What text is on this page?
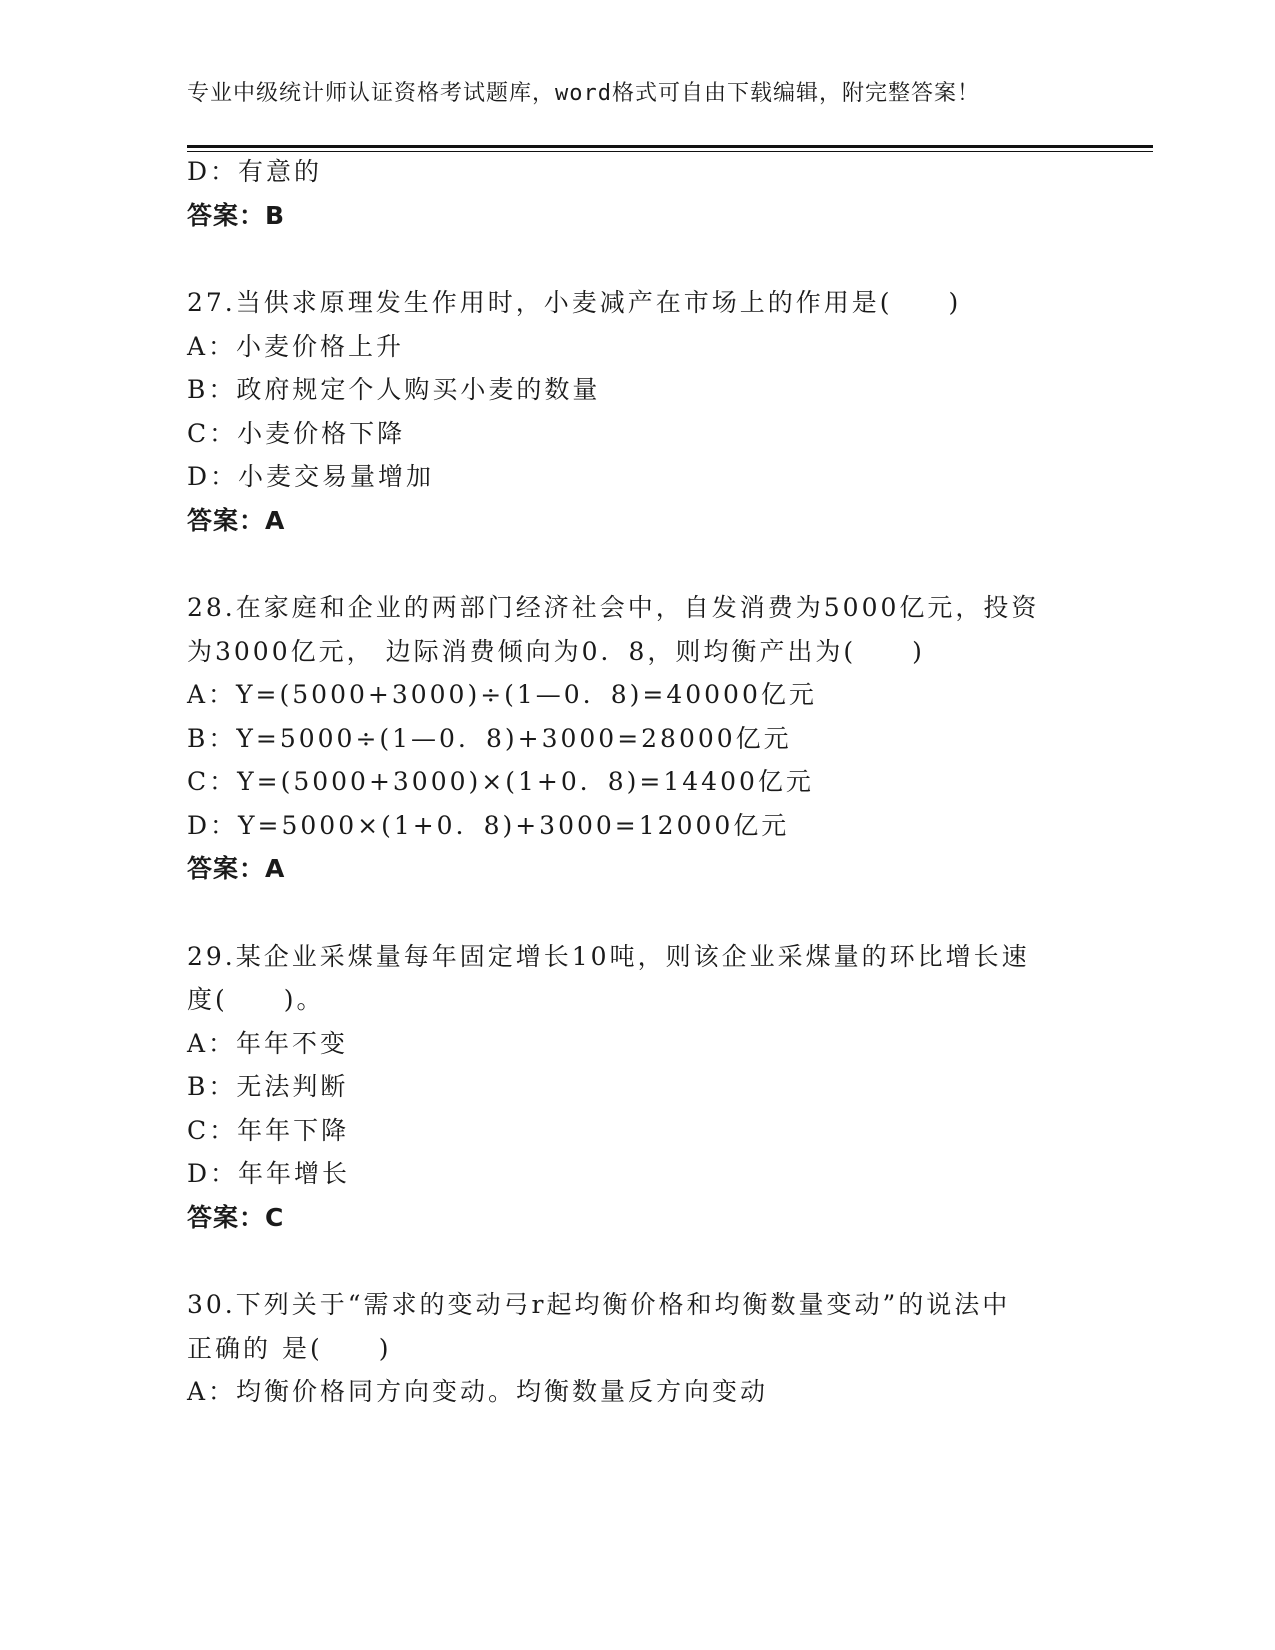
专业中级统计师认证资格考试题库，word格式可自由下载编辑，附完整答案！
D：有意的
答案：B
27.当供求原理发生作用时，小麦减产在市场上的作用是(　　)
A：小麦价格上升
B：政府规定个人购买小麦的数量
C：小麦价格下降
D：小麦交易量增加
答案：A
28.在家庭和企业的两部门经济社会中，自发消费为5000亿元，投资
为3000亿元， 边际消费倾向为0．8，则均衡产出为(　　)
A：Y=(5000+3000)÷(1—0．8)=40000亿元
B：Y=5000÷(1—0．8)+3000=28000亿元
C：Y=(5000+3000)×(1+0．8)=14400亿元
D：Y=5000×(1+0．8)+3000=12000亿元
答案：A
29.某企业采煤量每年固定增长10吨，则该企业采煤量的环比增长速
度(　　)。
A：年年不变
B：无法判断
C：年年下降
D：年年增长
答案：C
30.下列关于“需求的变动弓r起均衡价格和均衡数量变动”的说法中
正确的 是(　　)
A：均衡价格同方向变动。均衡数量反方向变动
